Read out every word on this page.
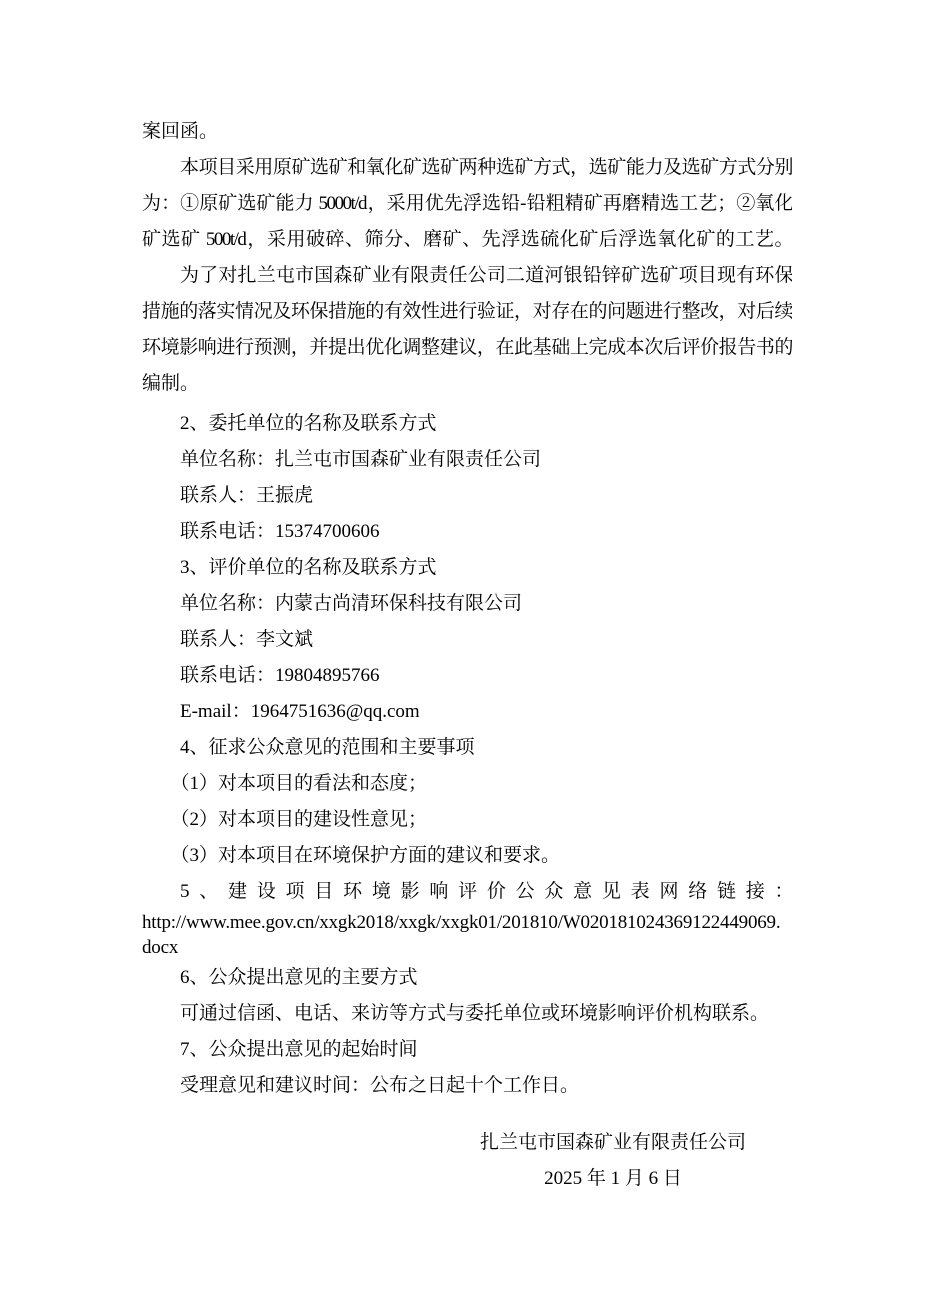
案回函。

本项目采用原矿选矿和氧化矿选矿两种选矿方式，选矿能力及选矿方式分别

为：①原矿选矿能力 5000t/d，采用优先浮选铅-铅粗精矿再磨精选工艺；②氧化

矿选矿 500t/d，采用破碎、筛分、磨矿、先浮选硫化矿后浮选氧化矿的工艺。

为了对扎兰屯市国森矿业有限责任公司二道河银铅锌矿选矿项目现有环保

措施的落实情况及环保措施的有效性进行验证，对存在的问题进行整改，对后续

环境影响进行预测，并提出优化调整建议，在此基础上完成本次后评价报告书的

编制。

2、委托单位的名称及联系方式

单位名称：扎兰屯市国森矿业有限责任公司

联系人：王振虎

联系电话：15374700606

3、评价单位的名称及联系方式

单位名称：内蒙古尚清环保科技有限公司

联系人：李文斌

联系电话：19804895766

E-mail：1964751636@qq.com

4、征求公众意见的范围和主要事项

（1）对本项目的看法和态度；

（2）对本项目的建设性意见；

（3）对本项目在环境保护方面的建议和要求。

5、建设项目环境影响评价公众意见表网络链接：

http://www.mee.gov.cn/xxgk2018/xxgk/xxgk01/201810/W020181024369122449069.

docx

6、公众提出意见的主要方式

可通过信函、电话、来访等方式与委托单位或环境影响评价机构联系。

7、公众提出意见的起始时间

受理意见和建议时间：公布之日起十个工作日。

扎兰屯市国森矿业有限责任公司

2025 年 1 月 6 日
